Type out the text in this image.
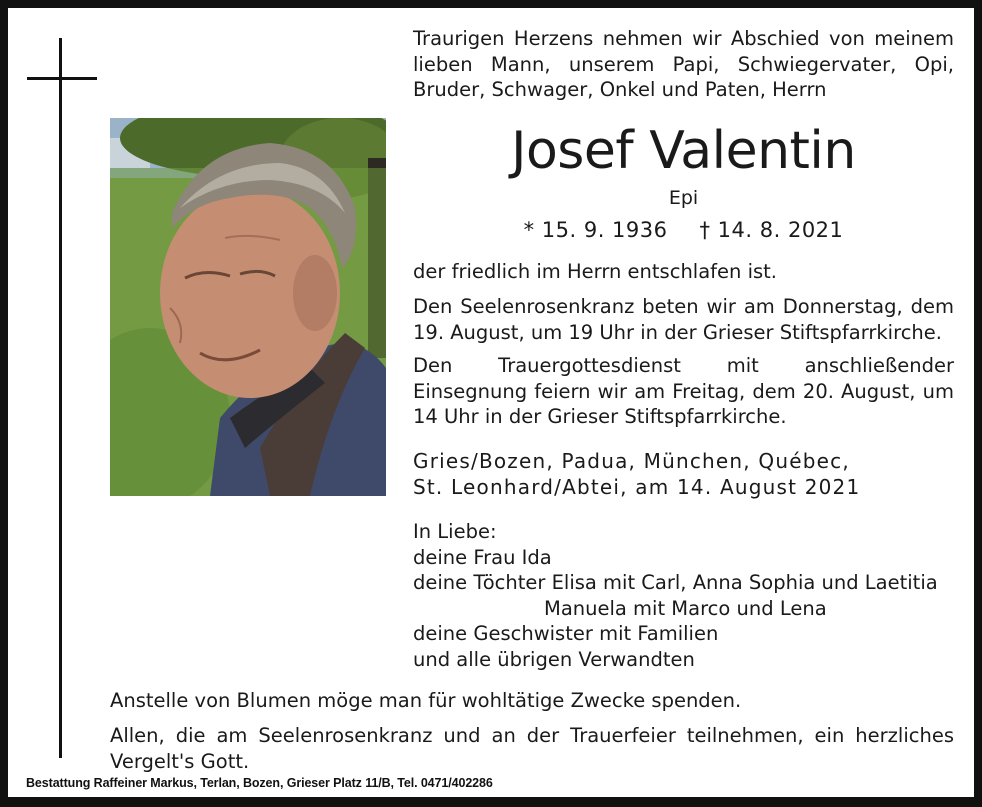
Traurigen Herzens nehmen wir Abschied von meinem lieben Mann, unserem Papi, Schwiegervater, Opi, Bruder, Schwager, Onkel und Paten, Herrn
Josef Valentin
Epi
* 15. 9. 1936 † 14. 8. 2021
der friedlich im Herrn entschlafen ist.
Den Seelenrosenkranz beten wir am Donnerstag, dem 19. August, um 19 Uhr in der Grieser Stiftspfarrkirche.
Den Trauergottesdienst mit anschließender Einsegnung feiern wir am Freitag, dem 20. August, um 14 Uhr in der Grieser Stiftspfarrkirche.
Gries/Bozen, Padua, München, Québec,
St. Leonhard/Abtei, am 14. August 2021
In Liebe:
deine Frau Ida
deine Töchter Elisa mit Carl, Anna Sophia und Laetitia
Manuela mit Marco und Lena
deine Geschwister mit Familien
und alle übrigen Verwandten
Anstelle von Blumen möge man für wohltätige Zwecke spenden.
Allen, die am Seelenrosenkranz und an der Trauerfeier teilnehmen, ein herzliches Vergelt's Gott.
Bestattung Raffeiner Markus, Terlan, Bozen, Grieser Platz 11/B, Tel. 0471/402286
